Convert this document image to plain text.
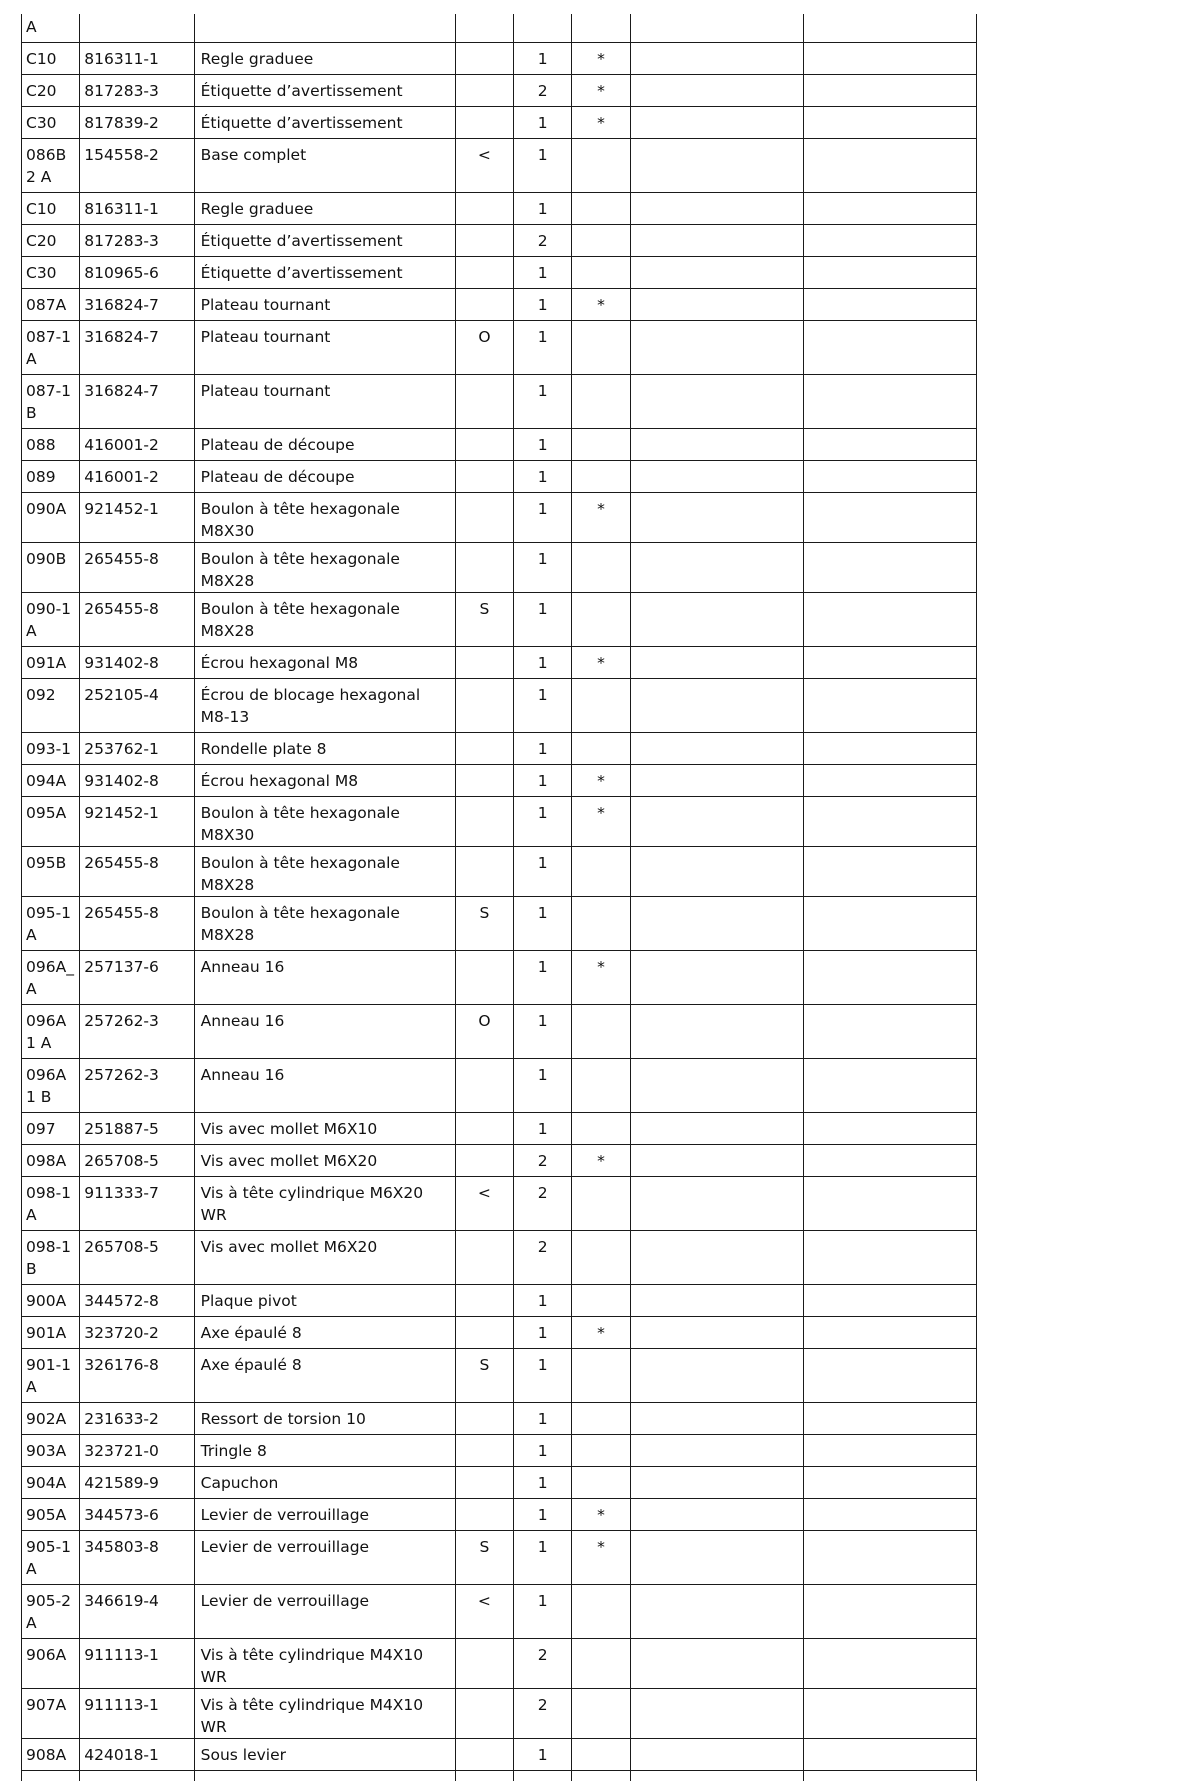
A							
C10	816311-1	Regle graduee		1	*		
C20	817283-3	Étiquette d’avertissement		2	*		
C30	817839-2	Étiquette d’avertissement		1	*		
086B2 A	154558-2	Base complet	<	1			
C10	816311-1	Regle graduee		1			
C20	817283-3	Étiquette d’avertissement		2			
C30	810965-6	Étiquette d’avertissement		1			
087A	316824-7	Plateau tournant		1	*		
087-1 A	316824-7	Plateau tournant	O	1			
087-1 B	316824-7	Plateau tournant		1			
088	416001-2	Plateau de découpe		1			
089	416001-2	Plateau de découpe		1			
090A	921452-1	Boulon à tête hexagonale M8X30		1	*		
090B	265455-8	Boulon à tête hexagonale M8X28		1			
090-1 A	265455-8	Boulon à tête hexagonale M8X28	S	1			
091A	931402-8	Écrou hexagonal M8		1	*		
092	252105-4	Écrou de blocage hexagonal M8-13		1			
093-1	253762-1	Rondelle plate 8		1			
094A	931402-8	Écrou hexagonal M8		1	*		
095A	921452-1	Boulon à tête hexagonale M8X30		1	*		
095B	265455-8	Boulon à tête hexagonale M8X28		1			
095-1 A	265455-8	Boulon à tête hexagonale M8X28	S	1			
096A_ A	257137-6	Anneau 16		1	*		
096A1 A	257262-3	Anneau 16	O	1			
096A1 B	257262-3	Anneau 16		1			
097	251887-5	Vis avec mollet M6X10		1			
098A	265708-5	Vis avec mollet M6X20		2	*		
098-1 A	911333-7	Vis à tête cylindrique M6X20 WR	<	2			
098-1 B	265708-5	Vis avec mollet M6X20		2			
900A	344572-8	Plaque pivot		1			
901A	323720-2	Axe épaulé 8		1	*		
901-1 A	326176-8	Axe épaulé 8	S	1			
902A	231633-2	Ressort de torsion 10		1			
903A	323721-0	Tringle 8		1			
904A	421589-9	Capuchon		1			
905A	344573-6	Levier de verrouillage		1	*		
905-1 A	345803-8	Levier de verrouillage	S	1	*		
905-2 A	346619-4	Levier de verrouillage	<	1			
906A	911113-1	Vis à tête cylindrique M4X10 WR		2			
907A	911113-1	Vis à tête cylindrique M4X10 WR		2			
908A	424018-1	Sous levier		1			
